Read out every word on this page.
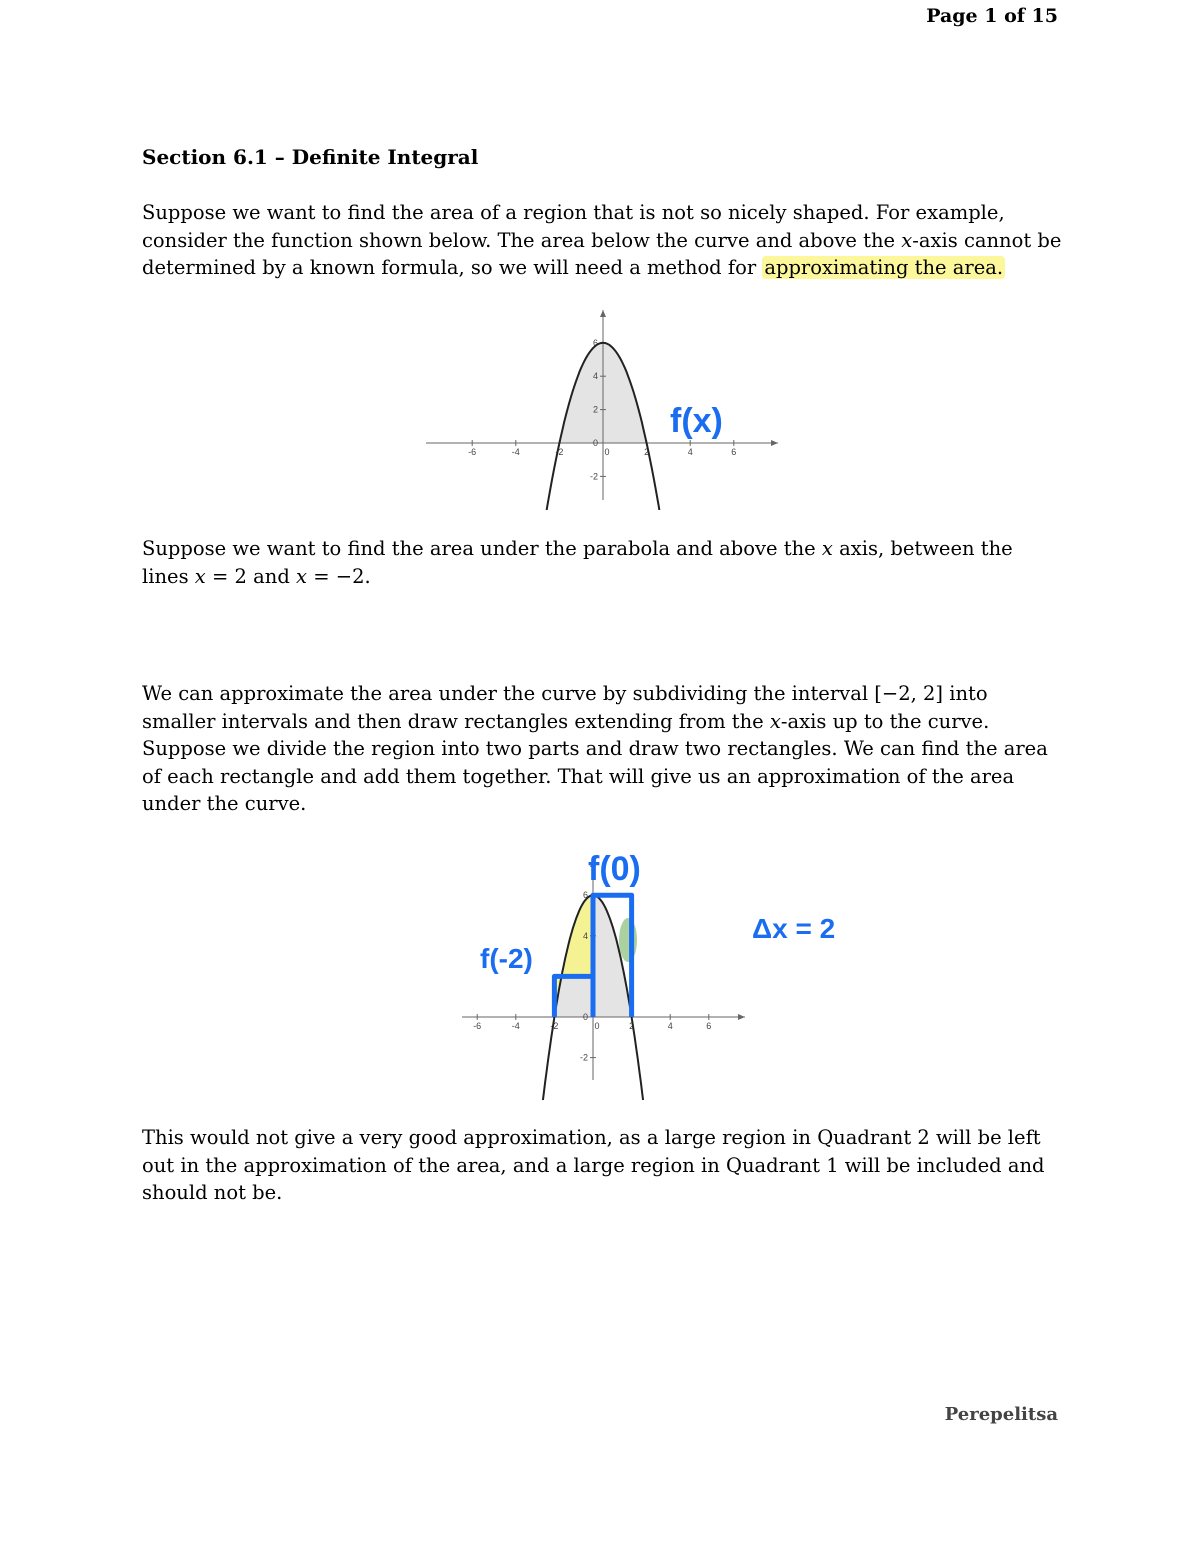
Page 1 of 15
Section 6.1 – Definite Integral

Suppose we want to find the area of a region that is not so nicely shaped. For example, consider the function shown below. The area below the curve and above the x-axis cannot be determined by a known formula, so we will need a method for approximating the area.

-6	-4	-2	0	2	4	6
6
4
2
0
-2
f(x)

Suppose we want to find the area under the parabola and above the x axis, between the lines x = 2 and x = −2.

We can approximate the area under the curve by subdividing the interval [−2, 2] into smaller intervals and then draw rectangles extending from the x-axis up to the curve. Suppose we divide the region into two parts and draw two rectangles. We can find the area of each rectangle and add them together. That will give us an approximation of the area under the curve.

-6	-4	-2	0	2	4	6
6
4
0
-2
f(0)
f(-2)
Δx = 2

This would not give a very good approximation, as a large region in Quadrant 2 will be left out in the approximation of the area, and a large region in Quadrant 1 will be included and should not be.

Perepelitsa
